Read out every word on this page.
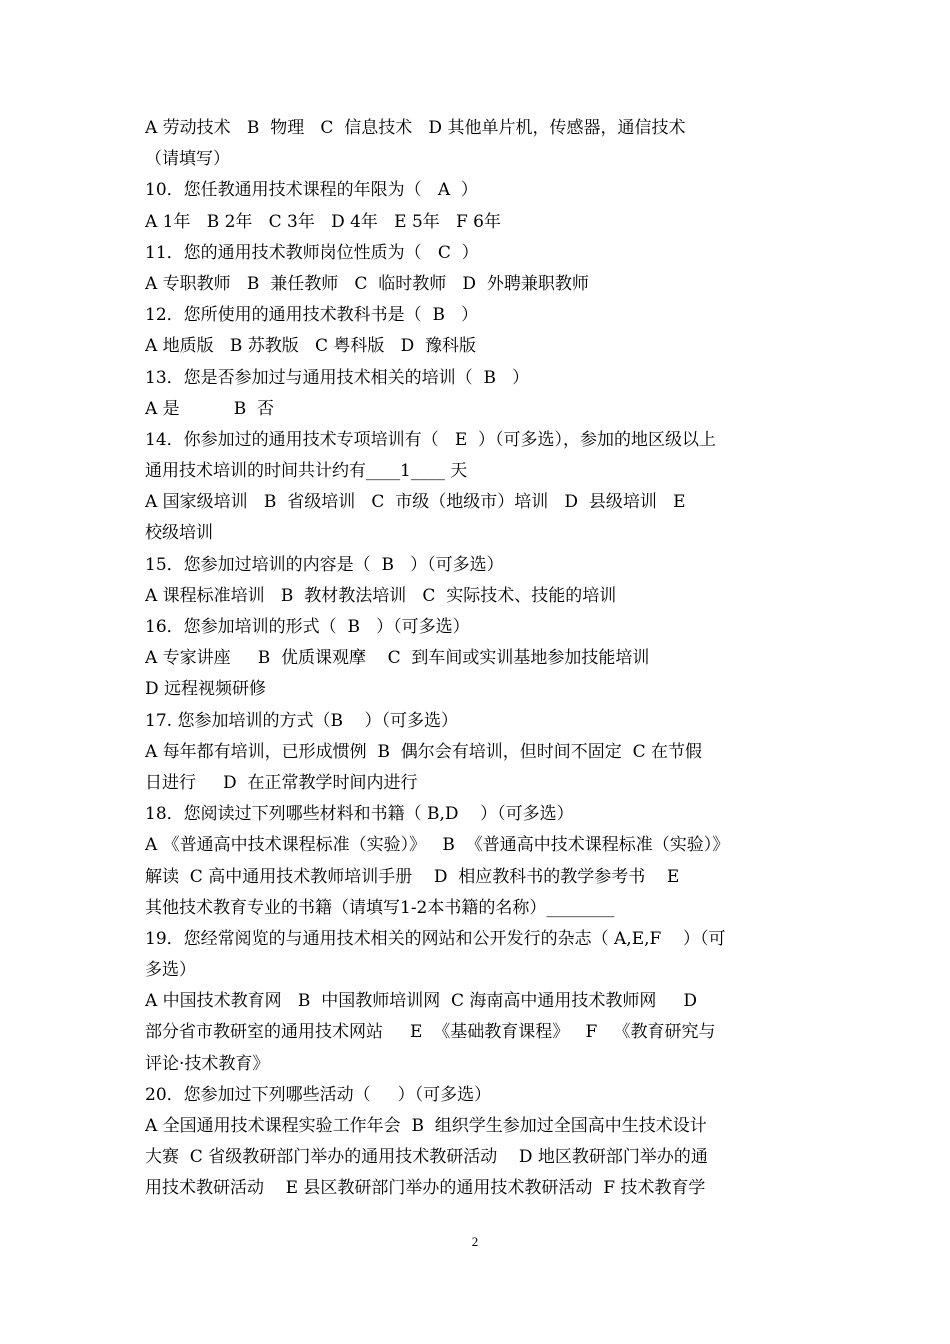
A 劳动技术   B  物理   C  信息技术   D 其他单片机，传感器，通信技术
（请填写）
10．您任教通用技术课程的年限为（   A  ）
A 1年   B 2年   C 3年   D 4年   E 5年   F 6年
11．您的通用技术教师岗位性质为（   C  ）
A 专职教师   B  兼任教师   C  临时教师   D  外聘兼职教师
12．您所使用的通用技术教科书是（  B   ）
A 地质版   B 苏教版   C 粤科版   D  豫科版
13．您是否参加过与通用技术相关的培训（  B   ）
A 是          B  否
14．你参加过的通用技术专项培训有（   E  ）（可多选），参加的地区级以上
通用技术培训的时间共计约有____1____ 天
A 国家级培训   B  省级培训   C  市级（地级市）培训   D  县级培训   E
校级培训
15．您参加过培训的内容是（  B   ）（可多选）
A 课程标准培训   B  教材教法培训   C  实际技术、技能的培训
16．您参加培训的形式（  B   ）（可多选）
A 专家讲座     B  优质课观摩    C  到车间或实训基地参加技能培训
D 远程视频研修
17. 您参加培训的方式（B    ）（可多选）
A 每年都有培训，已形成惯例  B  偶尔会有培训，但时间不固定  C 在节假
日进行     D  在正常教学时间内进行
18．您阅读过下列哪些材料和书籍（ B,D    ）（可多选）
A 《普通高中技术课程标准（实验）》   B  《普通高中技术课程标准（实验）》
解读  C 高中通用技术教师培训手册    D  相应教科书的教学参考书    E
其他技术教育专业的书籍（请填写1-2本书籍的名称）________
19．您经常阅览的与通用技术相关的网站和公开发行的杂志（ A,E,F    ）（可
多选）
A 中国技术教育网   B  中国教师培训网  C 海南高中通用技术教师网     D
部分省市教研室的通用技术网站     E  《基础教育课程》   F   《教育研究与
评论·技术教育》
20．您参加过下列哪些活动（     ）（可多选）
A 全国通用技术课程实验工作年会  B  组织学生参加过全国高中生技术设计
大赛  C 省级教研部门举办的通用技术教研活动    D 地区教研部门举办的通
用技术教研活动    E 县区教研部门举办的通用技术教研活动  F 技术教育学
2
